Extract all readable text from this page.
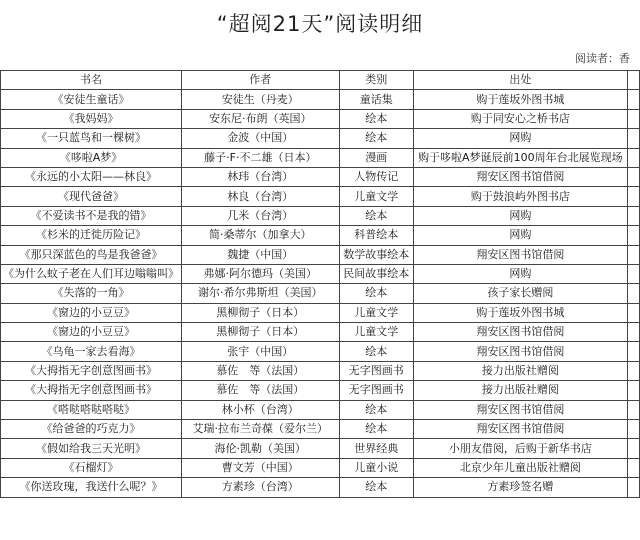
“超阅21天”阅读明细
阅读者：香
书名	作者	类别	出处	
《安徒生童话》	安徒生（丹麦）	童话集	购于莲坂外图书城	
《我妈妈》	安东尼·布朗（英国）	绘本	购于同安心之桥书店	
《一只蓝鸟和一棵树》	金波（中国）	绘本	网购	
《哆啦A梦》	藤子·F·不二雄（日本）	漫画	购于哆啦A梦诞辰前100周年台北展览现场	
《永远的小太阳——林良》	林玮（台湾）	人物传记	翔安区图书馆借阅	
《现代爸爸》	林良（台湾）	儿童文学	购于鼓浪屿外图书店	
《不爱读书不是我的错》	几米（台湾）	绘本	网购	
《杉米的迁徙历险记》	简·桑蒂尔（加拿大）	科普绘本	网购	
《那只深蓝色的鸟是我爸爸》	魏捷（中国）	数学故事绘本	翔安区图书馆借阅	
《为什么蚊子老在人们耳边嗡嗡叫》	弗娜·阿尔德玛（美国）	民间故事绘本	网购	
《失落的一角》	谢尔·希尔弗斯坦（美国）	绘本	孩子家长赠阅	
《窗边的小豆豆》	黑柳彻子（日本）	儿童文学	购于莲坂外图书城	
《窗边的小豆豆》	黑柳彻子（日本）	儿童文学	翔安区图书馆借阅	
《乌龟一家去看海》	张宇（中国）	绘本	翔安区图书馆借阅	
《大拇指无字创意图画书》	慕佐　等（法国）	无字图画书	接力出版社赠阅	
《大拇指无字创意图画书》	慕佐　等（法国）	无字图画书	接力出版社赠阅	
《嗒哒嗒哒嗒哒》	林小杯（台湾）	绘本	翔安区图书馆借阅	
《给爸爸的巧克力》	艾瑞·拉布兰奇葆（爱尔兰）	绘本	翔安区图书馆借阅	
《假如给我三天光明》	海伦·凯勒（美国）	世界经典	小朋友借阅，后购于新华书店	
《石榴灯》	曹文芳（中国）	儿童小说	北京少年儿童出版社赠阅	
《你送玫瑰，我送什么呢？》	方素珍（台湾）	绘本	方素珍签名赠	
